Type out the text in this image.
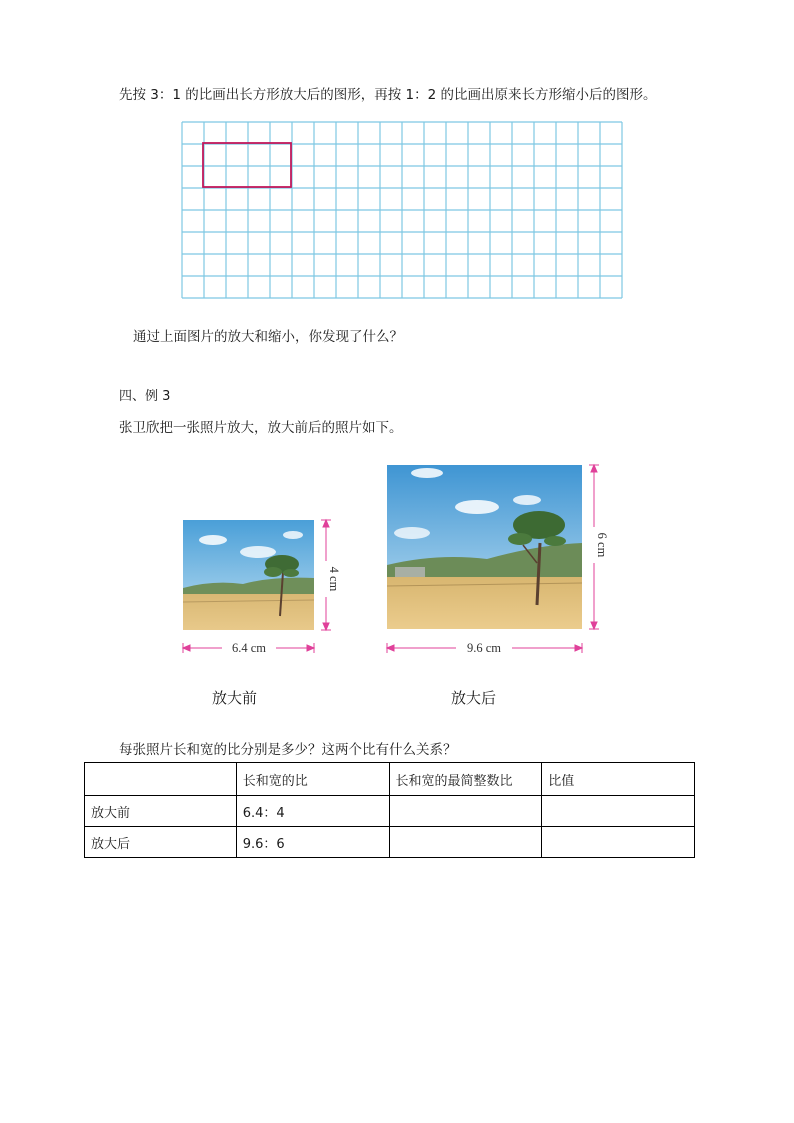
先按 3：1 的比画出长方形放大后的图形，再按 1：2 的比画出原来长方形缩小后的图形。
通过上面图片的放大和缩小，你发现了什么？
四、例 3
张卫欣把一张照片放大，放大前后的照片如下。
6.4 cm
4 cm
9.6 cm
6 cm
放大前	放大后
每张照片长和宽的比分别是多少？这两个比有什么关系？
	长和宽的比	长和宽的最简整数比	比值
放大前	6.4：4		
放大后	9.6：6		
